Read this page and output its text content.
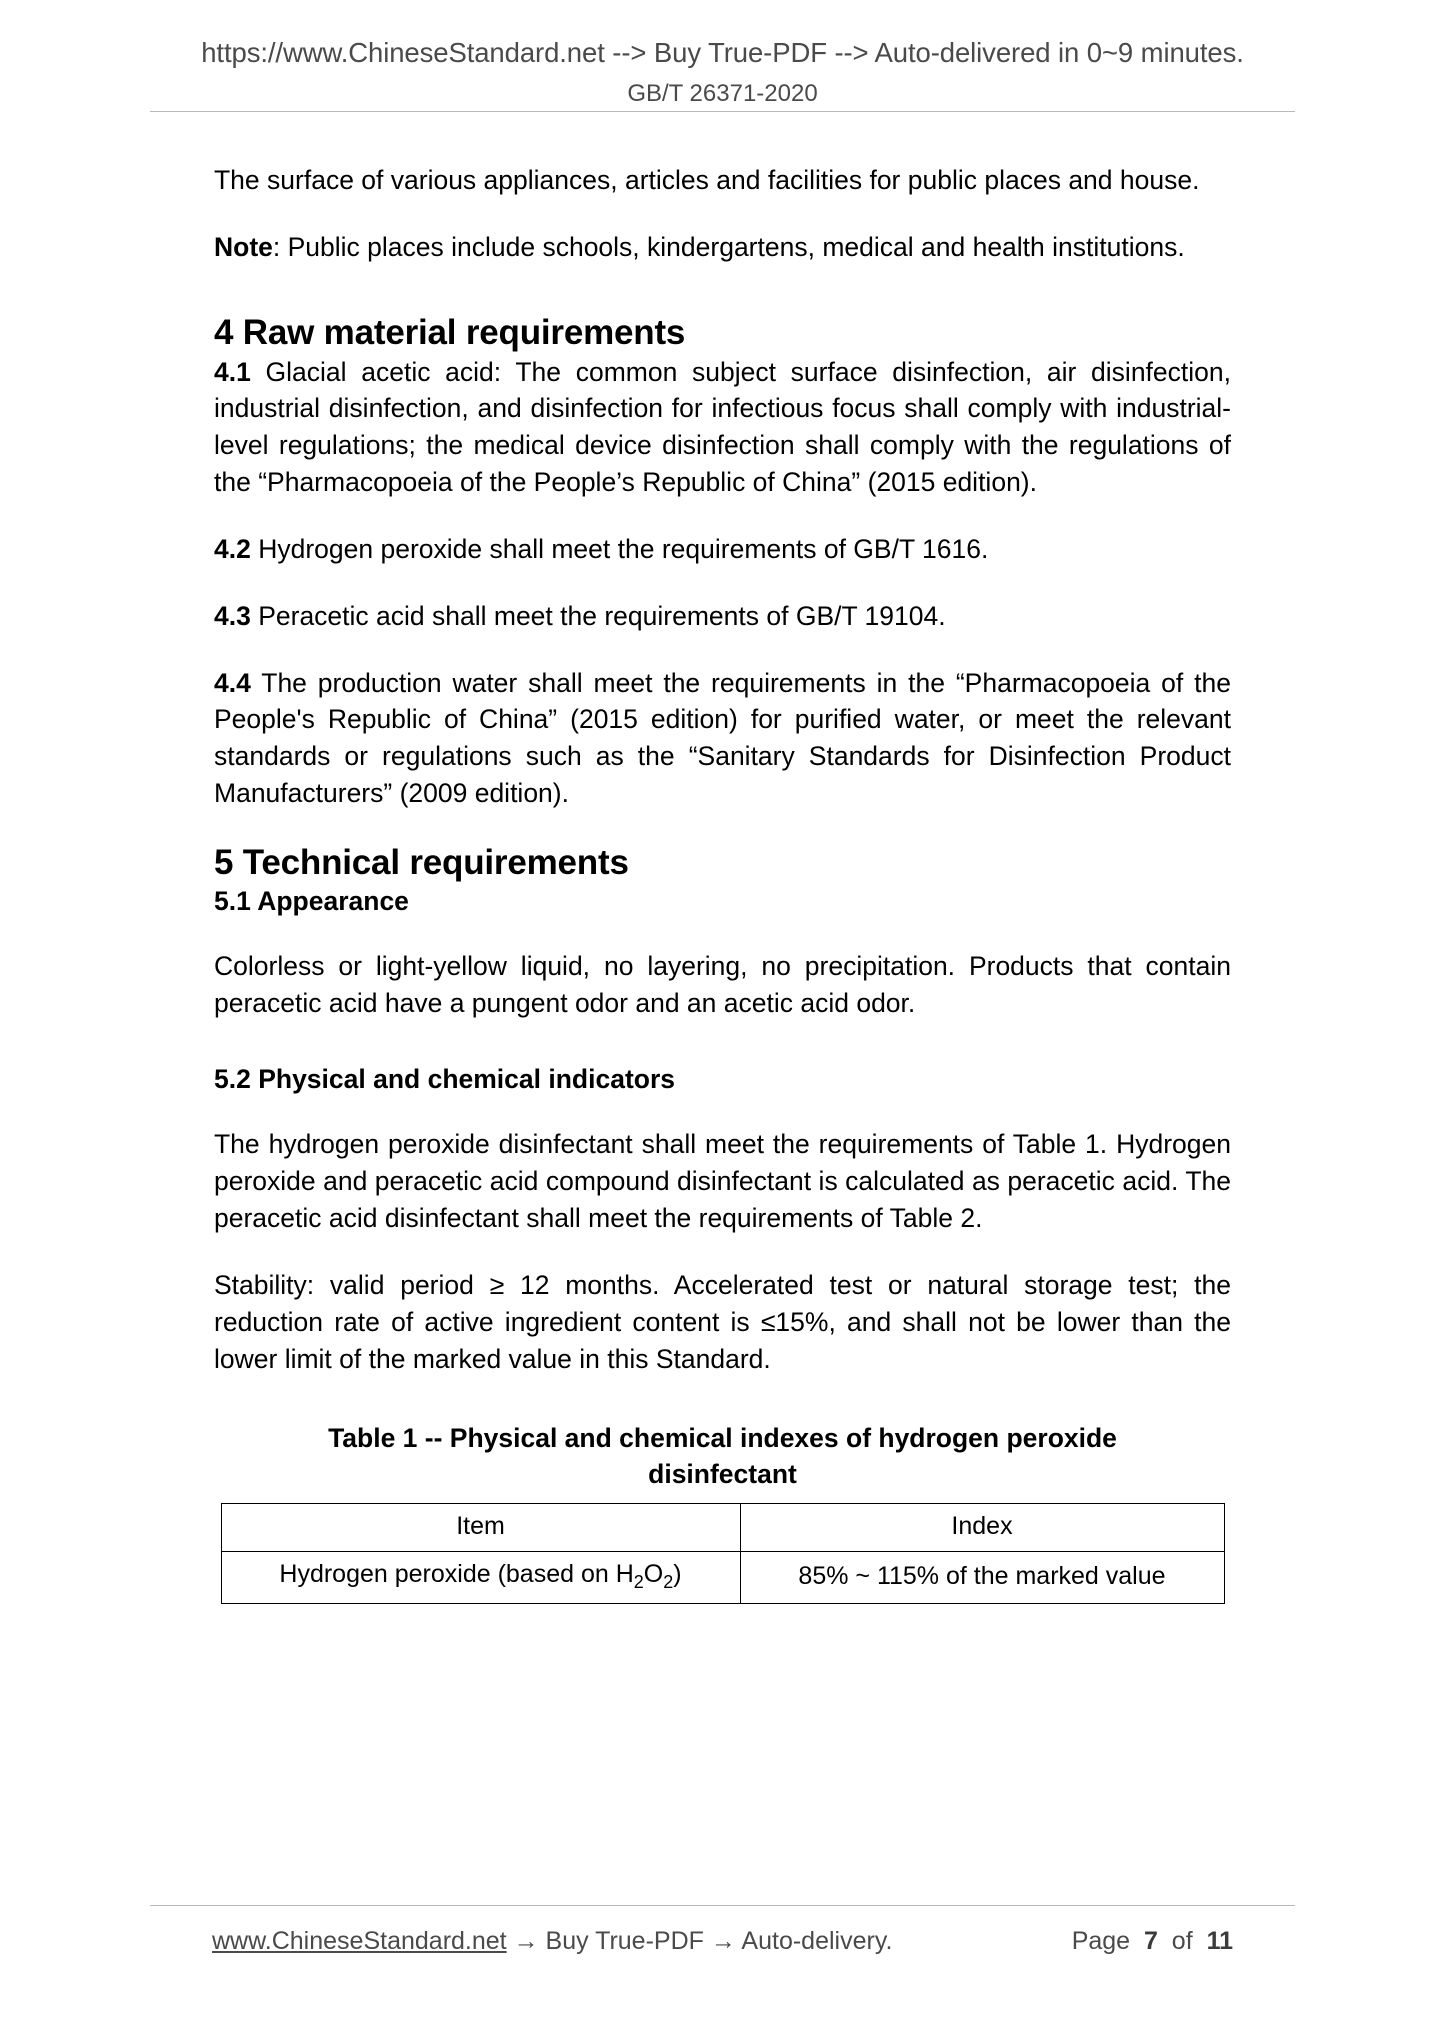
https://www.ChineseStandard.net --> Buy True-PDF --> Auto-delivered in 0~9 minutes.
GB/T 26371-2020

The surface of various appliances, articles and facilities for public places and house.

Note: Public places include schools, kindergartens, medical and health institutions.

4 Raw material requirements

4.1 Glacial acetic acid: The common subject surface disinfection, air disinfection, industrial disinfection, and disinfection for infectious focus shall comply with industrial-level regulations; the medical device disinfection shall comply with the regulations of the “Pharmacopoeia of the People’s Republic of China” (2015 edition).

4.2 Hydrogen peroxide shall meet the requirements of GB/T 1616.

4.3 Peracetic acid shall meet the requirements of GB/T 19104.

4.4 The production water shall meet the requirements in the “Pharmacopoeia of the People's Republic of China” (2015 edition) for purified water, or meet the relevant standards or regulations such as the “Sanitary Standards for Disinfection Product Manufacturers” (2009 edition).

5 Technical requirements
5.1 Appearance

Colorless or light-yellow liquid, no layering, no precipitation. Products that contain peracetic acid have a pungent odor and an acetic acid odor.

5.2 Physical and chemical indicators

The hydrogen peroxide disinfectant shall meet the requirements of Table 1. Hydrogen peroxide and peracetic acid compound disinfectant is calculated as peracetic acid. The peracetic acid disinfectant shall meet the requirements of Table 2.

Stability: valid period ≥ 12 months. Accelerated test or natural storage test; the reduction rate of active ingredient content is ≤15%, and shall not be lower than the lower limit of the marked value in this Standard.

Table 1 -- Physical and chemical indexes of hydrogen peroxide
disinfectant
Item	Index
Hydrogen peroxide (based on $H_2O_2$)	85% ~ 115% of the marked value
www.ChineseStandard.net → Buy True-PDF → Auto-delivery.	Page 7 of 11
